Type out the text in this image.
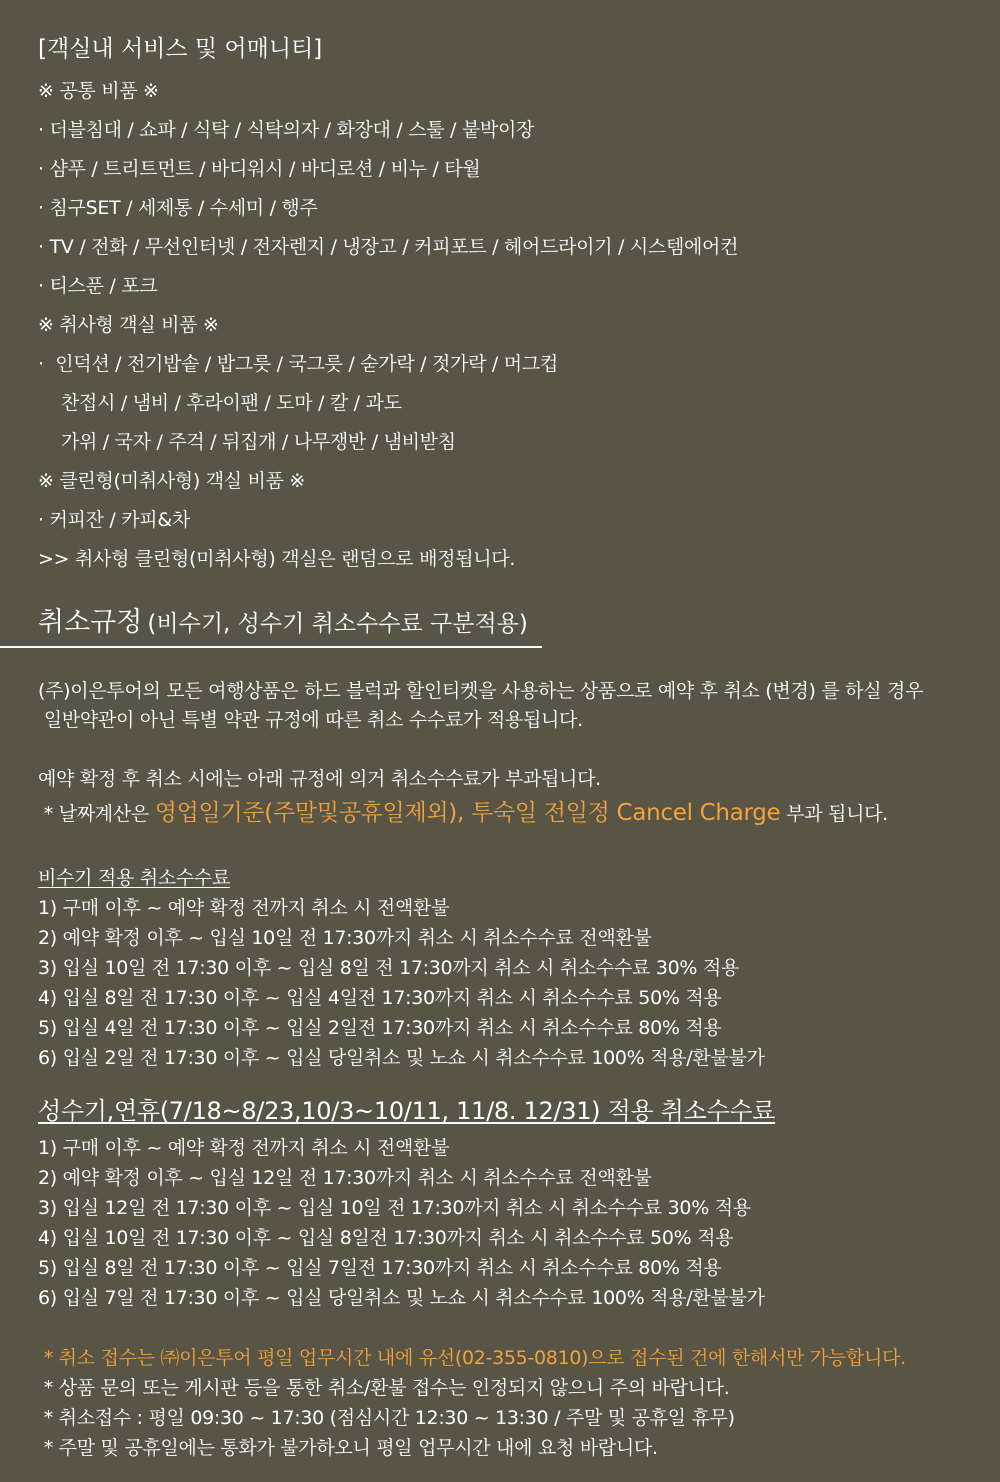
[객실내 서비스 및 어매니티]
※ 공통 비품 ※
· 더블침대 / 쇼파 / 식탁 / 식탁의자 / 화장대 / 스툴 / 붙박이장
· 샴푸 / 트리트먼트 / 바디워시 / 바디로션 / 비누 / 타월
· 침구SET / 세제통 / 수세미 / 행주
· TV / 전화 / 무선인터넷 / 전자렌지 / 냉장고 / 커피포트 / 헤어드라이기 / 시스템에어컨
· 티스푼 / 포크
※ 취사형 객실 비품 ※
·  인덕션 / 전기밥솥 / 밥그릇 / 국그릇 / 숟가락 / 젓가락 / 머그컵
찬접시 / 냄비 / 후라이팬 / 도마 / 칼 / 과도
가위 / 국자 / 주걱 / 뒤집개 / 나무쟁반 / 냄비받침
※ 클린형(미취사형) 객실 비품 ※
· 커피잔 / 카피&차
>> 취사형 클린형(미취사형) 객실은 랜덤으로 배정됩니다.
취소규정 (비수기, 성수기 취소수수료 구분적용)
(주)이은투어의 모든 여행상품은 하드 블럭과 할인티켓을 사용하는 상품으로 예약 후 취소 (변경) 를 하실 경우
일반약관이 아닌 특별 약관 규정에 따른 취소 수수료가 적용됩니다.
예약 확정 후 취소 시에는 아래 규정에 의거 취소수수료가 부과됩니다.
* 날짜계산은 영업일기준(주말및공휴일제외), 투숙일 전일정 Cancel Charge 부과 됩니다.
비수기 적용 취소수수료
1) 구매 이후 ~ 예약 확정 전까지 취소 시 전액환불
2) 예약 확정 이후 ~ 입실 10일 전 17:30까지 취소 시 취소수수료 전액환불
3) 입실 10일 전 17:30 이후 ~ 입실 8일 전 17:30까지 취소 시 취소수수료 30% 적용
4) 입실 8일 전 17:30 이후 ~ 입실 4일전 17:30까지 취소 시 취소수수료 50% 적용
5) 입실 4일 전 17:30 이후 ~ 입실 2일전 17:30까지 취소 시 취소수수료 80% 적용
6) 입실 2일 전 17:30 이후 ~ 입실 당일취소 및 노쇼 시 취소수수료 100% 적용/환불불가
성수기,연휴(7/18~8/23,10/3~10/11, 11/8. 12/31) 적용 취소수수료
1) 구매 이후 ~ 예약 확정 전까지 취소 시 전액환불
2) 예약 확정 이후 ~ 입실 12일 전 17:30까지 취소 시 취소수수료 전액환불
3) 입실 12일 전 17:30 이후 ~ 입실 10일 전 17:30까지 취소 시 취소수수료 30% 적용
4) 입실 10일 전 17:30 이후 ~ 입실 8일전 17:30까지 취소 시 취소수수료 50% 적용
5) 입실 8일 전 17:30 이후 ~ 입실 7일전 17:30까지 취소 시 취소수수료 80% 적용
6) 입실 7일 전 17:30 이후 ~ 입실 당일취소 및 노쇼 시 취소수수료 100% 적용/환불불가
* 취소 접수는 ㈜이은투어 평일 업무시간 내에 유선(02-355-0810)으로 접수된 건에 한해서만 가능합니다.
* 상품 문의 또는 게시판 등을 통한 취소/환불 접수는 인정되지 않으니 주의 바랍니다.
* 취소접수 : 평일 09:30 ~ 17:30 (점심시간 12:30 ~ 13:30 / 주말 및 공휴일 휴무)
* 주말 및 공휴일에는 통화가 불가하오니 평일 업무시간 내에 요청 바랍니다.
